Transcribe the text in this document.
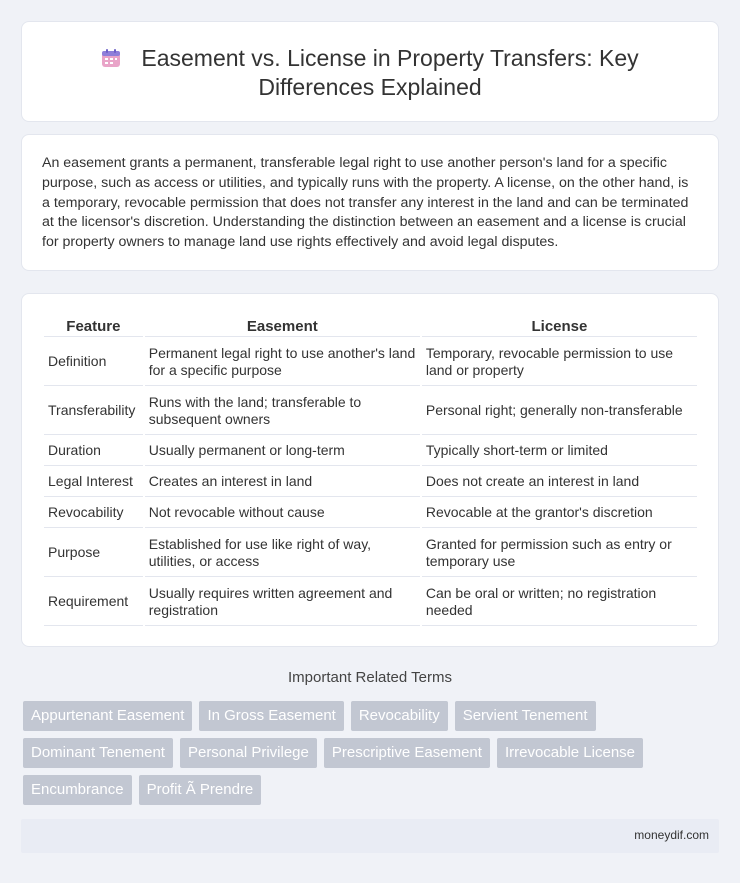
Easement vs. License in Property Transfers: Key
Differences Explained

An easement grants a permanent, transferable legal right to use another person's land for a specific purpose, such as access or utilities, and typically runs with the property. A license, on the other hand, is a temporary, revocable permission that does not transfer any interest in the land and can be terminated at the licensor's discretion. Understanding the distinction between an easement and a license is crucial for property owners to manage land use rights effectively and avoid legal disputes.

Feature	Easement	License
Definition	Permanent legal right to use another's land for a specific purpose	Temporary, revocable permission to use land or property
Transferability	Runs with the land; transferable to subsequent owners	Personal right; generally non-transferable
Duration	Usually permanent or long-term	Typically short-term or limited
Legal Interest	Creates an interest in land	Does not create an interest in land
Revocability	Not revocable without cause	Revocable at the grantor's discretion
Purpose	Established for use like right of way, utilities, or access	Granted for permission such as entry or temporary use
Requirement	Usually requires written agreement and registration	Can be oral or written; no registration needed
Important Related Terms
Appurtenant Easement	In Gross Easement	Revocability	Servient Tenement
Dominant Tenement	Personal Privilege	Prescriptive Easement	Irrevocable License
Encumbrance	Profit Ã Prendre
moneydif.com
